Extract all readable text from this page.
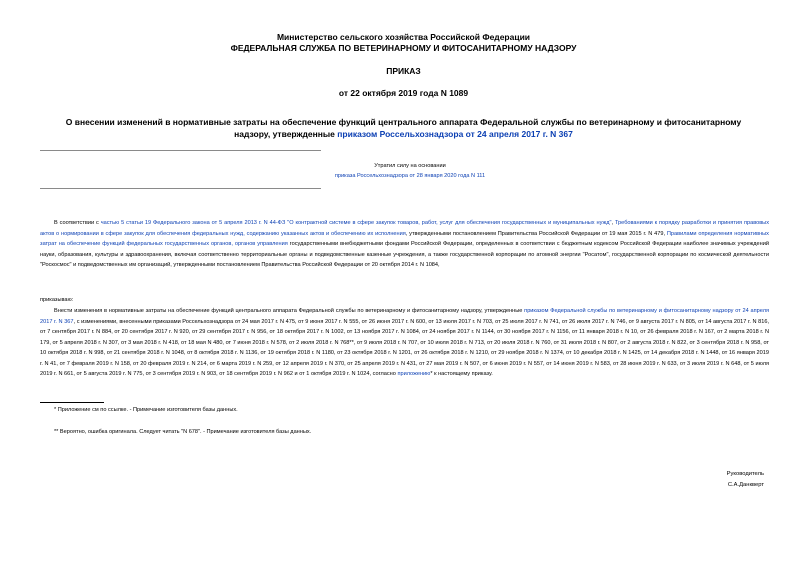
Министерство сельского хозяйства Российской Федерации
ФЕДЕРАЛЬНАЯ СЛУЖБА ПО ВЕТЕРИНАРНОМУ И ФИТОСАНИТАРНОМУ НАДЗОРУ
ПРИКАЗ
от 22 октября 2019 года N 1089
О внесении изменений в нормативные затраты на обеспечение функций центрального аппарата Федеральной службы по ветеринарному и фитосанитарному
надзору, утвержденные приказом Россельхознадзора от 24 апреля 2017 г. N 367
Утратил силу на основании
приказа Россельхознадзора от 28 января 2020 года N 111
В соответствии с частью 5 статьи 19 Федерального закона от 5 апреля 2013 г. N 44-ФЗ "О контрактной системе в сфере закупок товаров, работ, услуг для обеспечения государственных и муниципальных нужд", Требованиями к порядку разработки и принятия правовых актов о нормировании в сфере закупок для обеспечения федеральных нужд, содержанию указанных актов и обеспечению их исполнения, утвержденными постановлением Правительства Российской Федерации от 19 мая 2015 г. N 479, Правилами определения нормативных затрат на обеспечение функций федеральных государственных органов, органов управления государственными внебюджетными фондами Российской Федерации, определенных в соответствии с бюджетным кодексом Российской Федерации наиболее значимых учреждений науки, образования, культуры и здравоохранения, включая соответственно территориальные органы и подведомственные казенные учреждения, а также государственной корпорации по атомной энергии "Росатом", государственной корпорации по космической деятельности "Роскосмос" и подведомственных им организаций, утвержденными постановлением Правительства Российской Федерации от 20 октября 2014 г. N 1084,
приказываю:
Внести изменения в нормативные затраты на обеспечение функций центрального аппарата Федеральной службы по ветеринарному и фитосанитарному надзору, утвержденные приказом Федеральной службы по ветеринарному и фитосанитарному надзору от 24 апреля 2017 г. N 367, с изменениями, внесенными приказами Россельхознадзора от 24 мая 2017 г. N 475, от 9 июня 2017 г. N 555, от 26 июня 2017 г. N 600, от 13 июля 2017 г. N 703, от 25 июля 2017 г. N 741, от 26 июля 2017 г. N 746, от 9 августа 2017 г. N 805, от 14 августа 2017 г. N 816, от 7 сентября 2017 г. N 884, от 20 сентября 2017 г. N 920, от 29 сентября 2017 г. N 956, от 18 октября 2017 г. N 1002, от 13 ноября 2017 г. N 1084, от 24 ноября 2017 г. N 1144, от 30 ноября 2017 г. N 1156, от 11 января 2018 г. N 10, от 26 февраля 2018 г. N 167, от 2 марта 2018 г. N 179, от 5 апреля 2018 г. N 307, от 3 мая 2018 г. N 418, от 18 мая N 480, от 7 июня 2018 г. N 578, от 2 июля 2018 г. N 768**, от 9 июля 2018 г. N 707, от 10 июля 2018 г. N 713, от 20 июля 2018 г. N 760, от 31 июля 2018 г. N 807, от 2 августа 2018 г. N 822, от 3 сентября 2018 г. N 958, от 10 октября 2018 г. N 998, от 21 сентября 2018 г. N 1048, от 8 октября 2018 г. N 1136, от 19 октября 2018 г. N 1180, от 23 октября 2018 г. N 1201, от 26 октября 2018 г. N 1210, от 29 ноября 2018 г. N 1374, от 10 декабря 2018 г. N 1425, от 14 декабря 2018 г. N 1448, от 16 января 2019 г. N 41, от 7 февраля 2019 г. N 158, от 20 февраля 2019 г. N 214, от 6 марта 2019 г. N 259, от 12 апреля 2019 г. N 370, от 25 апреля 2019 г. N 431, от 27 мая 2019 г. N 507, от 6 июня 2019 г. N 557, от 14 июня 2019 г. N 583, от 28 июня 2019 г. N 633, от 3 июля 2019 г. N 648, от 5 июля 2019 г. N 661, от 5 августа 2019 г. N 775, от 3 сентября 2019 г. N 903, от 18 сентября 2019 г. N 962 и от 1 октября 2019 г. N 1024, согласно приложению* к настоящему приказу.
* Приложение см по ссылке. - Примечание изготовителя базы данных.
** Вероятно, ошибка оригинала. Следует читать "N 678". - Примечание изготовителя базы данных.
Руководитель
С.А.Данкверт
